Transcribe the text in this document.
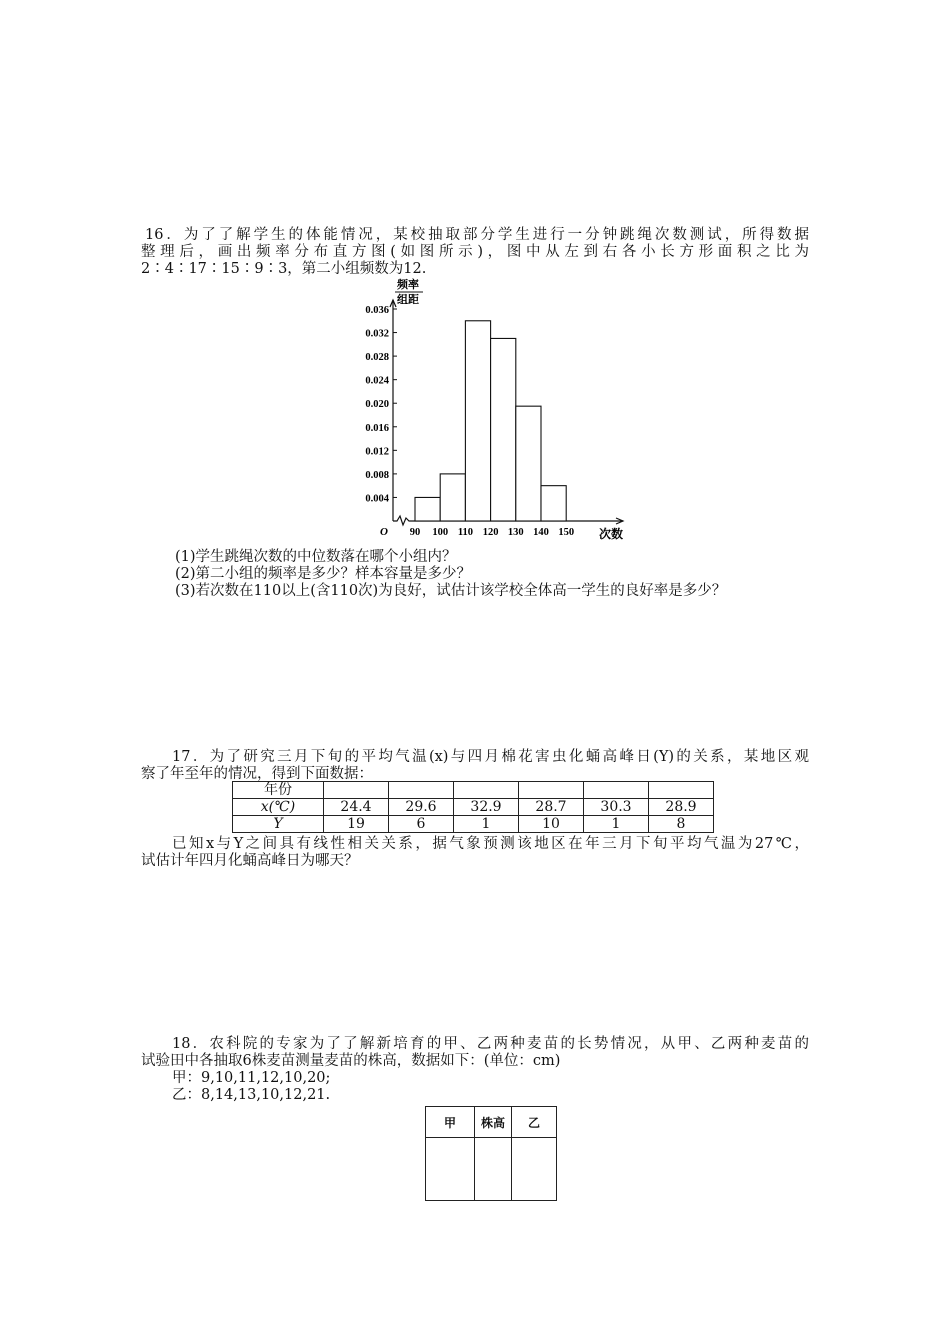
16．为了了解学生的体能情况，某校抽取部分学生进行一分钟跳绳次数测试，所得数据
整理后，画出频率分布直方图(如图所示)，图中从左到右各小长方形面积之比为
2∶4∶17∶15∶9∶3，第二小组频数为12.
0.004
0.008
0.012
0.016
0.020
0.024
0.028
0.032
0.036
90 100 110 120 130 140 150
频率
组距
次数
O
(1)学生跳绳次数的中位数落在哪个小组内？
(2)第二小组的频率是多少？样本容量是多少？
(3)若次数在110以上(含110次)为良好，试估计该学校全体高一学生的良好率是多少？
17．为了研究三月下旬的平均气温(x)与四月棉花害虫化蛹高峰日(Y)的关系，某地区观
察了年至年的情况，得到下面数据：
年份						
x(℃)	24.4	29.6	32.9	28.7	30.3	28.9
Y	19	6	1	10	1	8
已知x与Y之间具有线性相关关系，据气象预测该地区在年三月下旬平均气温为27℃，
试估计年四月化蛹高峰日为哪天？
18．农科院的专家为了了解新培育的甲、乙两种麦苗的长势情况，从甲、乙两种麦苗的
试验田中各抽取6株麦苗测量麦苗的株高，数据如下：(单位：cm)
甲：9,10,11,12,10,20;
乙：8,14,13,10,12,21.
甲	株高	乙
